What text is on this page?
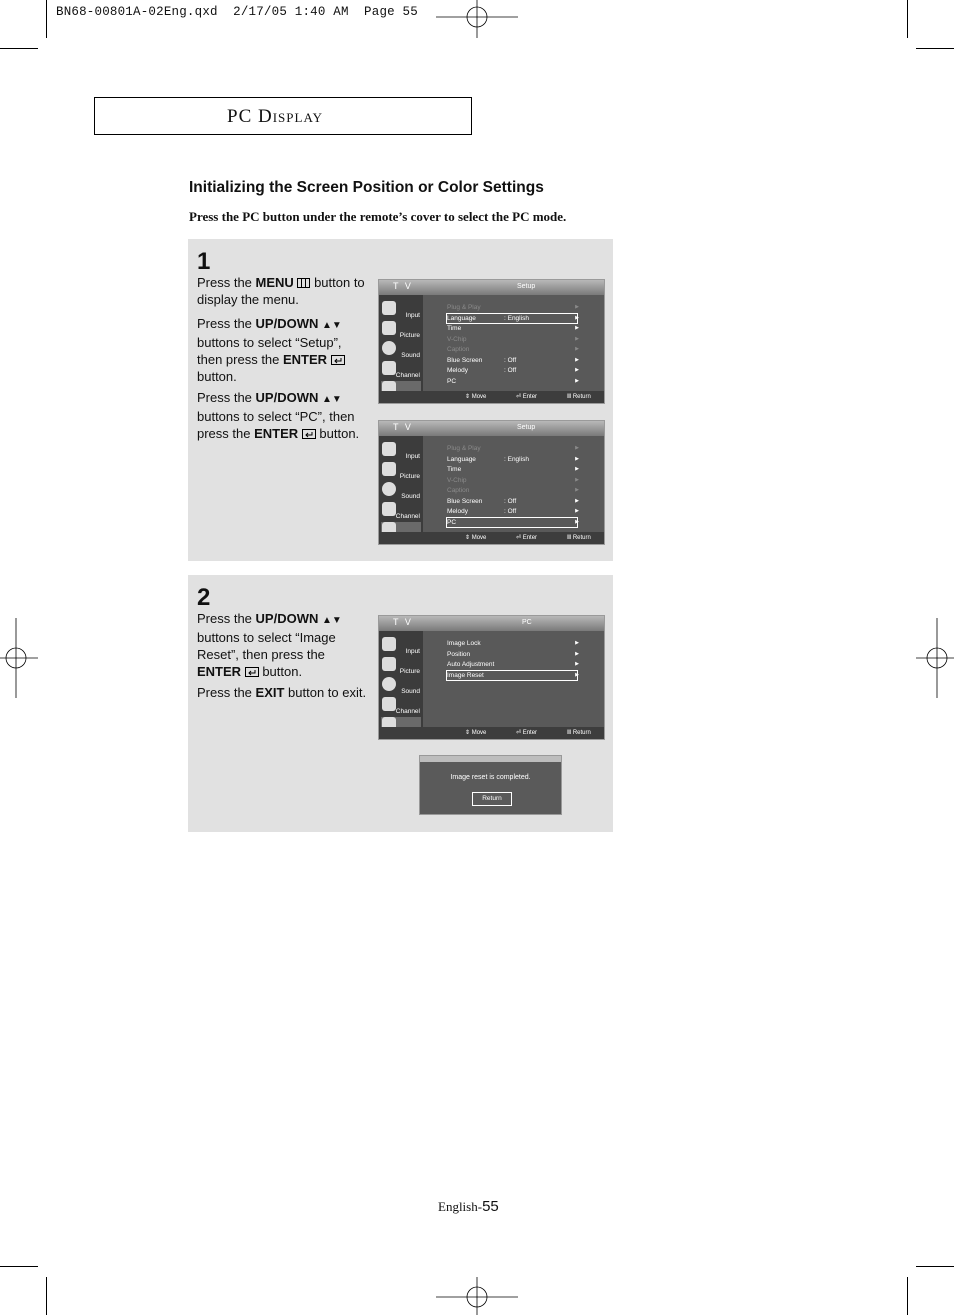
BN68-00801A-02Eng.qxd  2/17/05 1:40 AM  Page 55
PC Display
Initializing the Screen Position or Color Settings
Press the PC button under the remote’s cover to select the PC mode.
1
Press the MENU  button to display the menu.
Press the UP/DOWN ▲▼ buttons to select “Setup”, then press the ENTER  button.
Press the UP/DOWN ▲▼ buttons to select “PC”, then press the ENTER  button.
T V	Setup
Input
Picture
Sound
Channel
Plug & Play	▶
Language	: English	▶
Time	▶
V-Chip	▶
Caption	▶
Blue Screen	: Off	▶
Melody	: Off	▶
PC	▶
⇕ Move	⏎ Enter	Ⅲ Return
T V	Setup
Input
Picture
Sound
Channel
Plug & Play	▶
Language	: English	▶
Time	▶
V-Chip	▶
Caption	▶
Blue Screen	: Off	▶
Melody	: Off	▶
PC	▶
⇕ Move	⏎ Enter	Ⅲ Return
2
Press the UP/DOWN ▲▼ buttons to select “Image Reset”, then press the ENTER  button.
Press the EXIT button to exit.
T V	PC
Input
Picture
Sound
Channel
Image Lock	▶
Position	▶
Auto Adjustment	▶
Image Reset	▶
⇕ Move	⏎ Enter	Ⅲ Return
Image reset is completed.
Return
English-55
